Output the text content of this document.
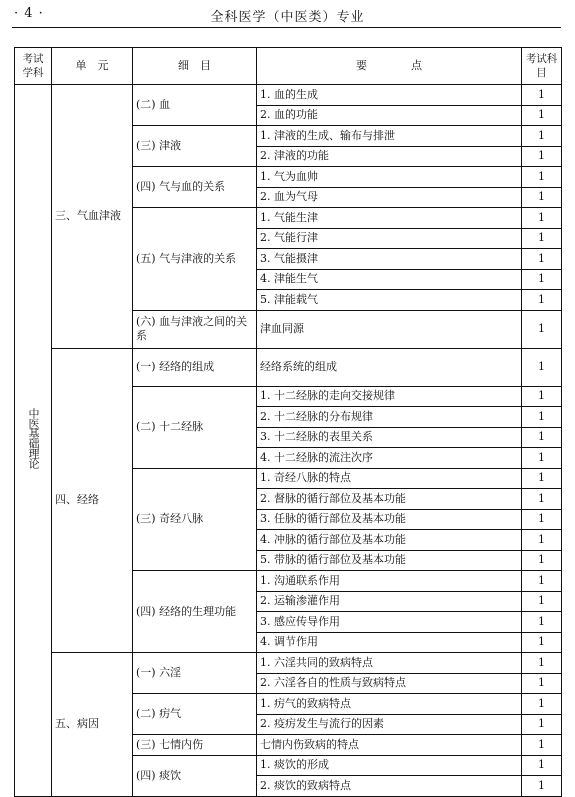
· 4 ·	全科医学（中医类）专业
考试学科	单　元	细　目	要　　　　点	考试科目
中医基础理论	三、气血津液	(二) 血	1. 血的生成	1
			2. 血的功能	1
		(三) 津液	1. 津液的生成、输布与排泄	1
			2. 津液的功能	1
		(四) 气与血的关系	1. 气为血帅	1
			2. 血为气母	1
		(五) 气与津液的关系	1. 气能生津	1
			2. 气能行津	1
			3. 气能摄津	1
			4. 津能生气	1
			5. 津能载气	1
		(六) 血与津液之间的关系	津血同源	1
	四、经络	(一) 经络的组成	经络系统的组成	1
		(二) 十二经脉	1. 十二经脉的走向交接规律	1
			2. 十二经脉的分布规律	1
			3. 十二经脉的表里关系	1
			4. 十二经脉的流注次序	1
		(三) 奇经八脉	1. 奇经八脉的特点	1
			2. 督脉的循行部位及基本功能	1
			3. 任脉的循行部位及基本功能	1
			4. 冲脉的循行部位及基本功能	1
			5. 带脉的循行部位及基本功能	1
		(四) 经络的生理功能	1. 沟通联系作用	1
			2. 运输渗灌作用	1
			3. 感应传导作用	1
			4. 调节作用	1
	五、病因	(一) 六淫	1. 六淫共同的致病特点	1
			2. 六淫各自的性质与致病特点	1
		(二) 疠气	1. 疠气的致病特点	1
			2. 疫疠发生与流行的因素	1
		(三) 七情内伤	七情内伤致病的特点	1
		(四) 痰饮	1. 痰饮的形成	1
			2. 痰饮的致病特点	1
